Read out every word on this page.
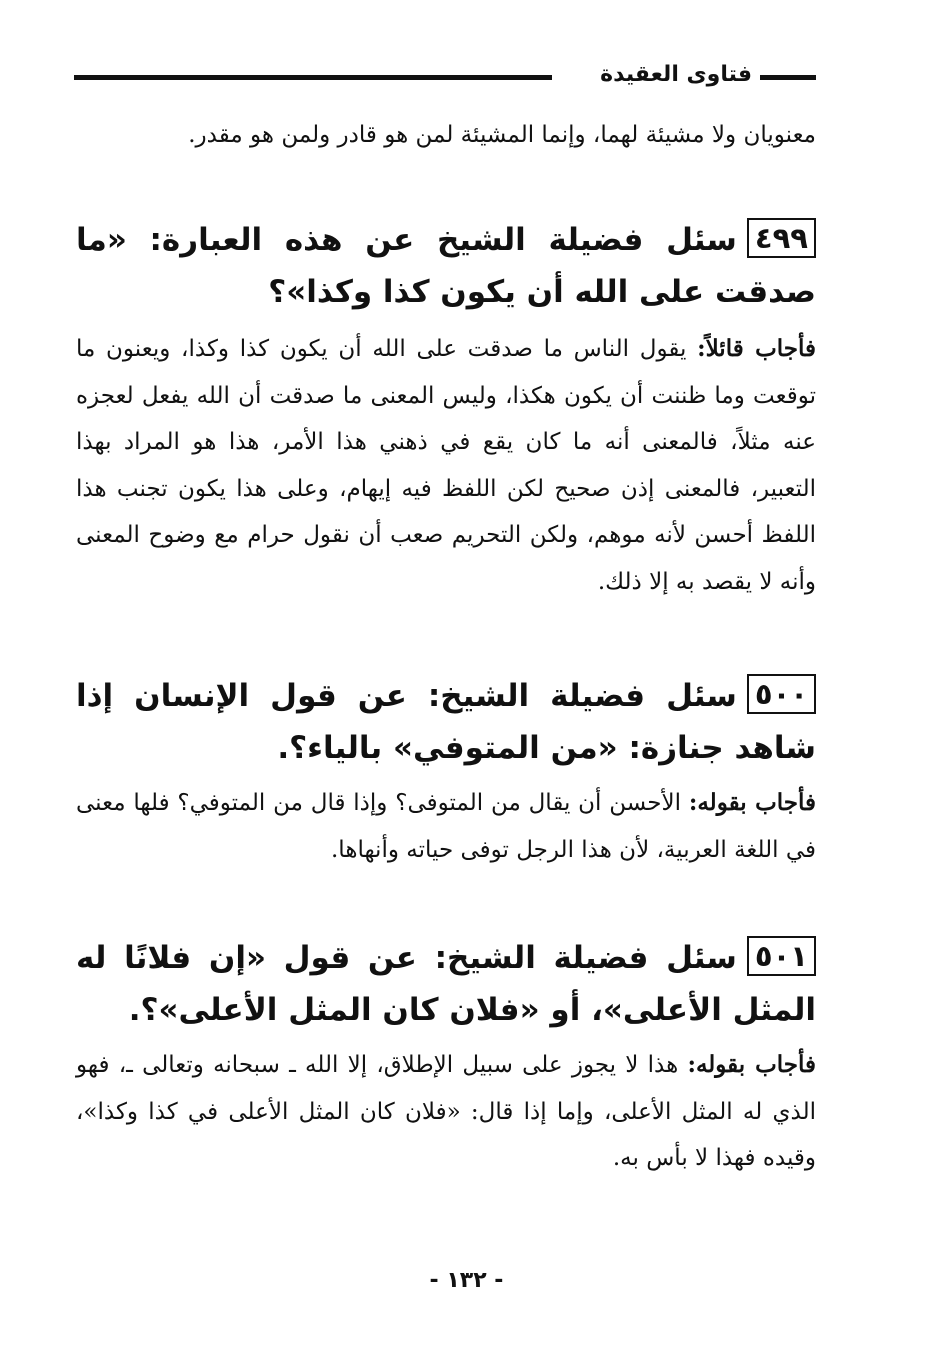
فتاوى العقيدة

معنويان ولا مشيئة لهما، وإنما المشيئة لمن هو قادر ولمن هو مقدر.

٤٩٩سئل فضيلة الشيخ عن هذه العبارة: «ما صدقت على الله أن يكون كذا وكذا»؟

فأجاب قائلاً: يقول الناس ما صدقت على الله أن يكون كذا وكذا، ويعنون ما توقعت وما ظننت أن يكون هكذا، وليس المعنى ما صدقت أن الله يفعل لعجزه عنه مثلاً، فالمعنى أنه ما كان يقع في ذهني هذا الأمر، هذا هو المراد بهذا التعبير، فالمعنى إذن صحيح لكن اللفظ فيه إيهام، وعلى هذا يكون تجنب هذا اللفظ أحسن لأنه موهم، ولكن التحريم صعب أن نقول حرام مع وضوح المعنى وأنه لا يقصد به إلا ذلك.

٥٠٠سئل فضيلة الشيخ: عن قول الإنسان إذا شاهد جنازة: «من المتوفي» بالياء؟.

فأجاب بقوله: الأحسن أن يقال من المتوفى؟ وإذا قال من المتوفي؟ فلها معنى في اللغة العربية، لأن هذا الرجل توفى حياته وأنهاها.

٥٠١سئل فضيلة الشيخ: عن قول «إن فلانًا له المثل الأعلى»، أو «فلان كان المثل الأعلى»؟.

فأجاب بقوله: هذا لا يجوز على سبيل الإطلاق، إلا الله ـ سبحانه وتعالى ـ، فهو الذي له المثل الأعلى، وإما إذا قال: «فلان كان المثل الأعلى في كذا وكذا»، وقيده فهذا لا بأس به.

- ١٣٢ -
